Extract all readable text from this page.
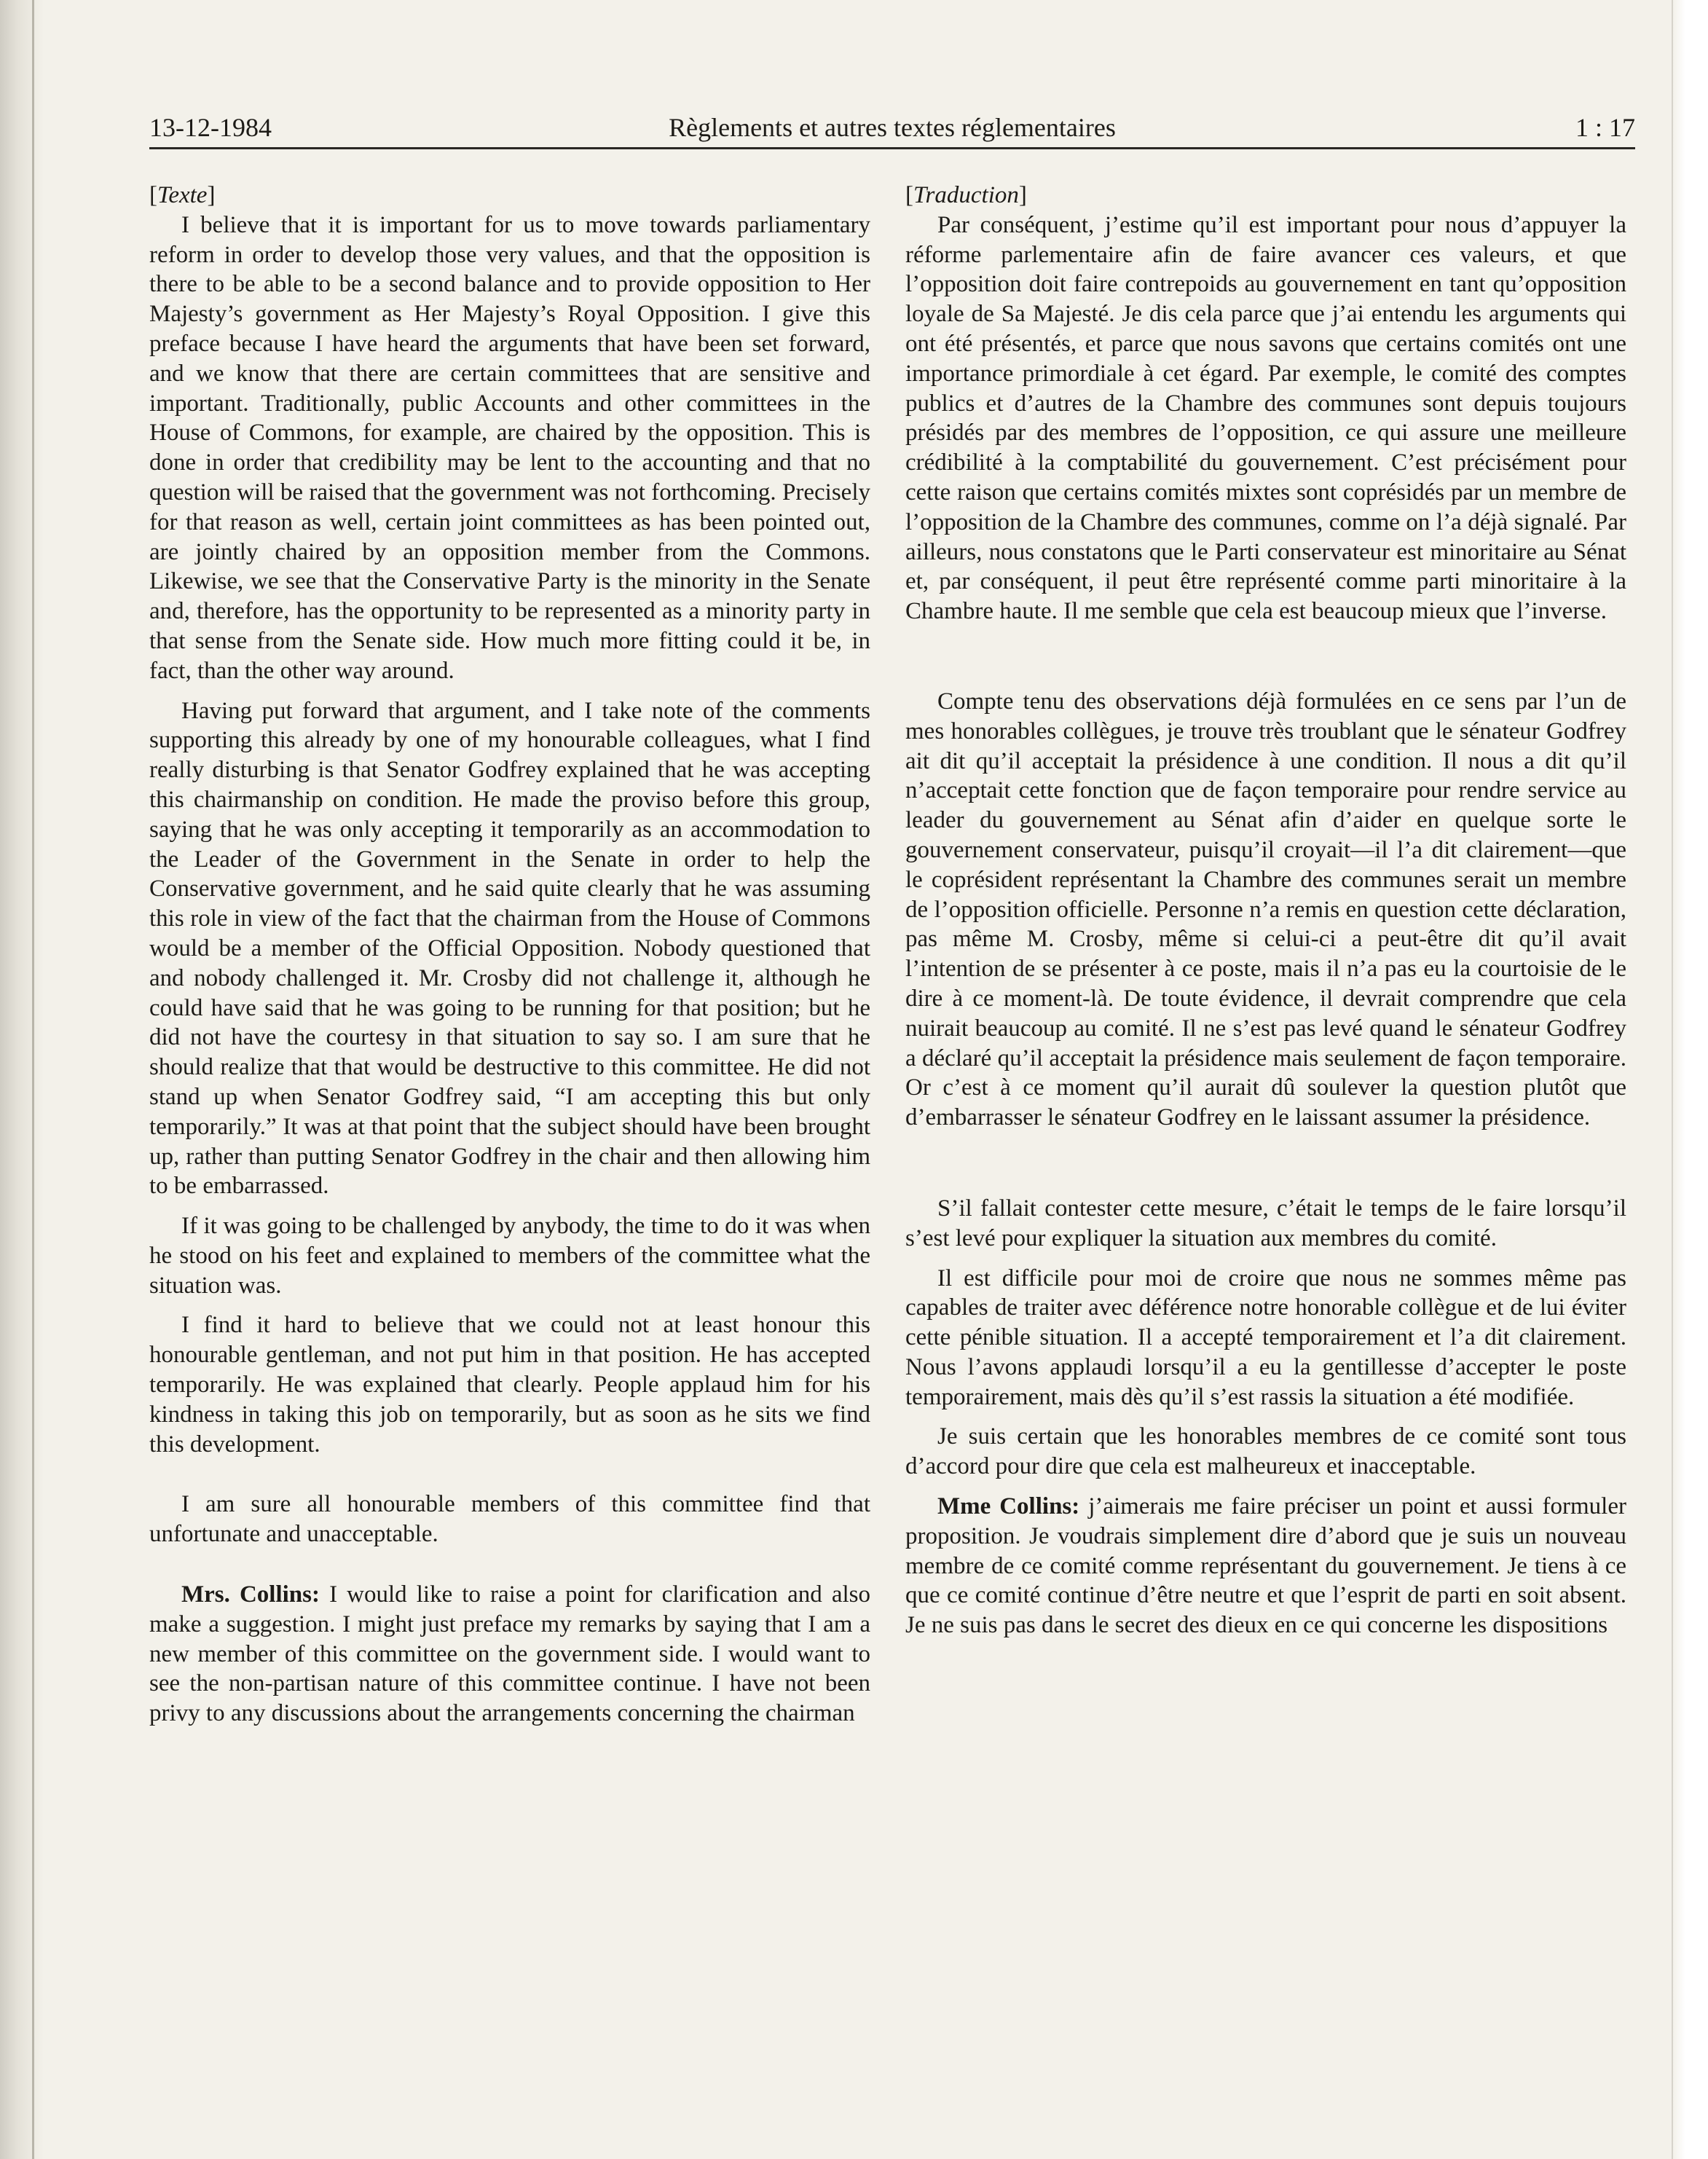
13-12-1984	Règlements et autres textes réglementaires	1 : 17

[Texte]

I believe that it is important for us to move towards parliamentary reform in order to develop those very values, and that the opposition is there to be able to be a second balance and to provide opposition to Her Majesty’s government as Her Majesty’s Royal Opposition. I give this preface because I have heard the arguments that have been set forward, and we know that there are certain committees that are sensitive and important. Traditionally, public Accounts and other committees in the House of Commons, for example, are chaired by the opposition. This is done in order that credibility may be lent to the accounting and that no question will be raised that the government was not forthcoming. Precisely for that reason as well, certain joint committees as has been pointed out, are jointly chaired by an opposition member from the Commons. Likewise, we see that the Conservative Party is the minority in the Senate and, therefore, has the opportunity to be represented as a minority party in that sense from the Senate side. How much more fitting could it be, in fact, than the other way around.

Having put forward that argument, and I take note of the comments supporting this already by one of my honourable colleagues, what I find really disturbing is that Senator Godfrey explained that he was accepting this chairmanship on condition. He made the proviso before this group, saying that he was only accepting it temporarily as an accommodation to the Leader of the Government in the Senate in order to help the Conservative government, and he said quite clearly that he was assuming this role in view of the fact that the chairman from the House of Commons would be a member of the Official Opposition. Nobody questioned that and nobody challenged it. Mr. Crosby did not challenge it, although he could have said that he was going to be running for that position; but he did not have the courtesy in that situation to say so. I am sure that he should realize that that would be destructive to this committee. He did not stand up when Senator Godfrey said, “I am accepting this but only temporarily.” It was at that point that the subject should have been brought up, rather than putting Senator Godfrey in the chair and then allowing him to be embarrassed.

If it was going to be challenged by anybody, the time to do it was when he stood on his feet and explained to members of the committee what the situation was.

I find it hard to believe that we could not at least honour this honourable gentleman, and not put him in that position. He has accepted temporarily. He was explained that clearly. People applaud him for his kindness in taking this job on temporarily, but as soon as he sits we find this development.

I am sure all honourable members of this committee find that unfortunate and unacceptable.

Mrs. Collins: I would like to raise a point for clarification and also make a suggestion. I might just preface my remarks by saying that I am a new member of this committee on the government side. I would want to see the non-partisan nature of this committee continue. I have not been privy to any discussions about the arrangements concerning the chairman

[Traduction]

Par conséquent, j’estime qu’il est important pour nous d’appuyer la réforme parlementaire afin de faire avancer ces valeurs, et que l’opposition doit faire contrepoids au gouvernement en tant qu’opposition loyale de Sa Majesté. Je dis cela parce que j’ai entendu les arguments qui ont été présentés, et parce que nous savons que certains comités ont une importance primordiale à cet égard. Par exemple, le comité des comptes publics et d’autres de la Chambre des communes sont depuis toujours présidés par des membres de l’opposition, ce qui assure une meilleure crédibilité à la comptabilité du gouvernement. C’est précisément pour cette raison que certains comités mixtes sont coprésidés par un membre de l’opposition de la Chambre des communes, comme on l’a déjà signalé. Par ailleurs, nous constatons que le Parti conservateur est minoritaire au Sénat et, par conséquent, il peut être représenté comme parti minoritaire à la Chambre haute. Il me semble que cela est beaucoup mieux que l’inverse.

Compte tenu des observations déjà formulées en ce sens par l’un de mes honorables collègues, je trouve très troublant que le sénateur Godfrey ait dit qu’il acceptait la présidence à une condition. Il nous a dit qu’il n’acceptait cette fonction que de façon temporaire pour rendre service au leader du gouvernement au Sénat afin d’aider en quelque sorte le gouvernement conservateur, puisqu’il croyait—il l’a dit clairement—que le coprésident représentant la Chambre des communes serait un membre de l’opposition officielle. Personne n’a remis en question cette déclaration, pas même M. Crosby, même si celui-ci a peut-être dit qu’il avait l’intention de se présenter à ce poste, mais il n’a pas eu la courtoisie de le dire à ce moment-là. De toute évidence, il devrait comprendre que cela nuirait beaucoup au comité. Il ne s’est pas levé quand le sénateur Godfrey a déclaré qu’il acceptait la présidence mais seulement de façon temporaire. Or c’est à ce moment qu’il aurait dû soulever la question plutôt que d’embarrasser le sénateur Godfrey en le laissant assumer la présidence.

S’il fallait contester cette mesure, c’était le temps de le faire lorsqu’il s’est levé pour expliquer la situation aux membres du comité.

Il est difficile pour moi de croire que nous ne sommes même pas capables de traiter avec déférence notre honorable collègue et de lui éviter cette pénible situation. Il a accepté temporairement et l’a dit clairement. Nous l’avons applaudi lorsqu’il a eu la gentillesse d’accepter le poste temporairement, mais dès qu’il s’est rassis la situation a été modifiée.

Je suis certain que les honorables membres de ce comité sont tous d’accord pour dire que cela est malheureux et inacceptable.

Mme Collins: j’aimerais me faire préciser un point et aussi formuler proposition. Je voudrais simplement dire d’abord que je suis un nouveau membre de ce comité comme représentant du gouvernement. Je tiens à ce que ce comité continue d’être neutre et que l’esprit de parti en soit absent. Je ne suis pas dans le secret des dieux en ce qui concerne les dispositions
